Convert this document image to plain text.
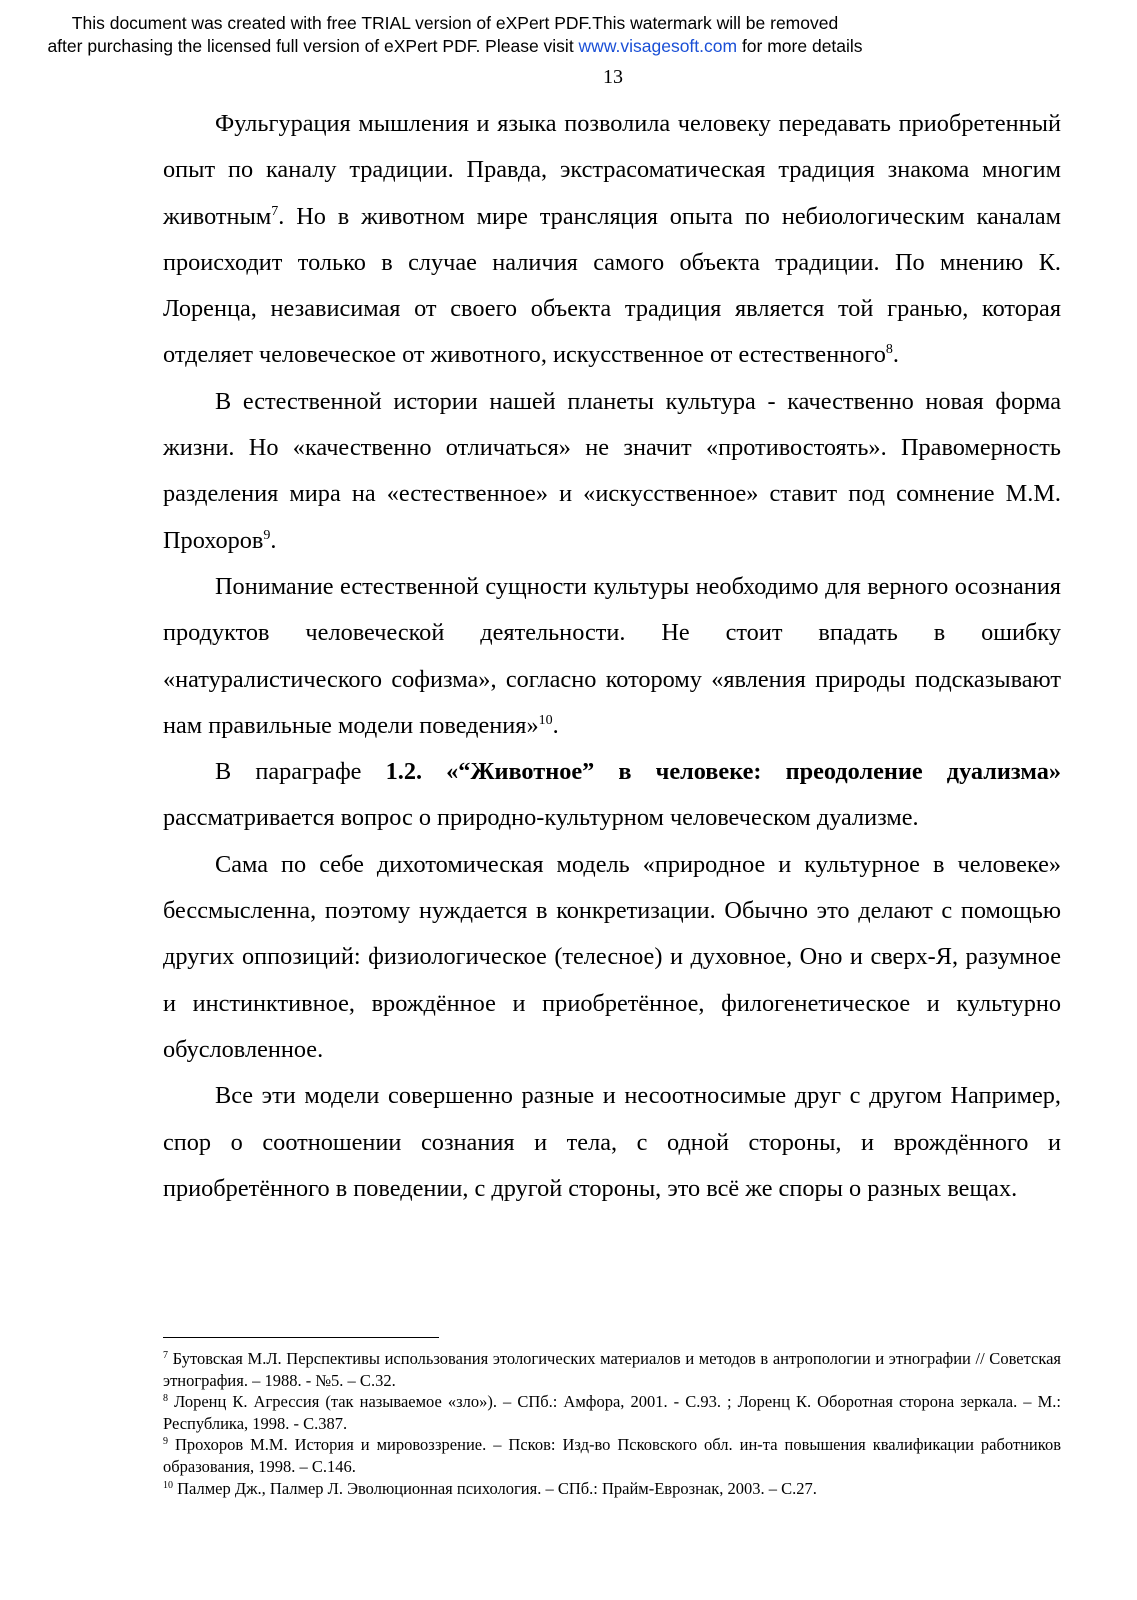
This document was created with free TRIAL version of eXPert PDF.This watermark will be removed
after purchasing the licensed full version of eXPert PDF. Please visit www.visagesoft.com for more details
13

Фульгурация мышления и языка позволила человеку передавать приобретенный опыт по каналу традиции. Правда, экстрасоматическая традиция знакома многим животным$^7$. Но в животном мире трансляция опыта по небиологическим каналам происходит только в случае наличия самого объекта традиции. По мнению К. Лоренца, независимая от своего объекта традиция является той гранью, которая отделяет человеческое от животного, искусственное от естественного$^8$.

В естественной истории нашей планеты культура - качественно новая форма жизни. Но «качественно отличаться» не значит «противостоять». Правомерность разделения мира на «естественное» и «искусственное» ставит под сомнение М.М. Прохоров$^9$.

Понимание естественной сущности культуры необходимо для верного осознания продуктов человеческой деятельности. Не стоит впадать в ошибку «натуралистического софизма», согласно которому «явления природы подсказывают нам правильные модели поведения»$^{10}$.

В параграфе 1.2. «“Животное” в человеке: преодоление дуализма» рассматривается вопрос о природно-культурном человеческом дуализме.

Сама по себе дихотомическая модель «природное и культурное в человеке» бессмысленна, поэтому нуждается в конкретизации. Обычно это делают с помощью других оппозиций: физиологическое (телесное) и духовное, Оно и сверх-Я, разумное и инстинктивное, врождённое и приобретённое, филогенетическое и культурно обусловленное.

Все эти модели совершенно разные и несоотносимые друг с другом Например, спор о соотношении сознания и тела, с одной стороны, и врождённого и приобретённого в поведении, с другой стороны, это всё же споры о разных вещах.

$^7$ Бутовская М.Л. Перспективы использования этологических материалов и методов в антропологии и этнографии // Советская этнография. – 1988. - №5. – С.32.

$^8$ Лоренц К. Агрессия (так называемое «зло»). – СПб.: Амфора, 2001. - С.93. ; Лоренц К. Оборотная сторона зеркала. – М.: Республика, 1998. - С.387.

$^9$ Прохоров М.М. История и мировоззрение. – Псков: Изд-во Псковского обл. ин-та повышения квалификации работников образования, 1998. – С.146.

$^{10}$ Палмер Дж., Палмер Л. Эволюционная психология. – СПб.: Прайм-Еврознак, 2003. – С.27.
